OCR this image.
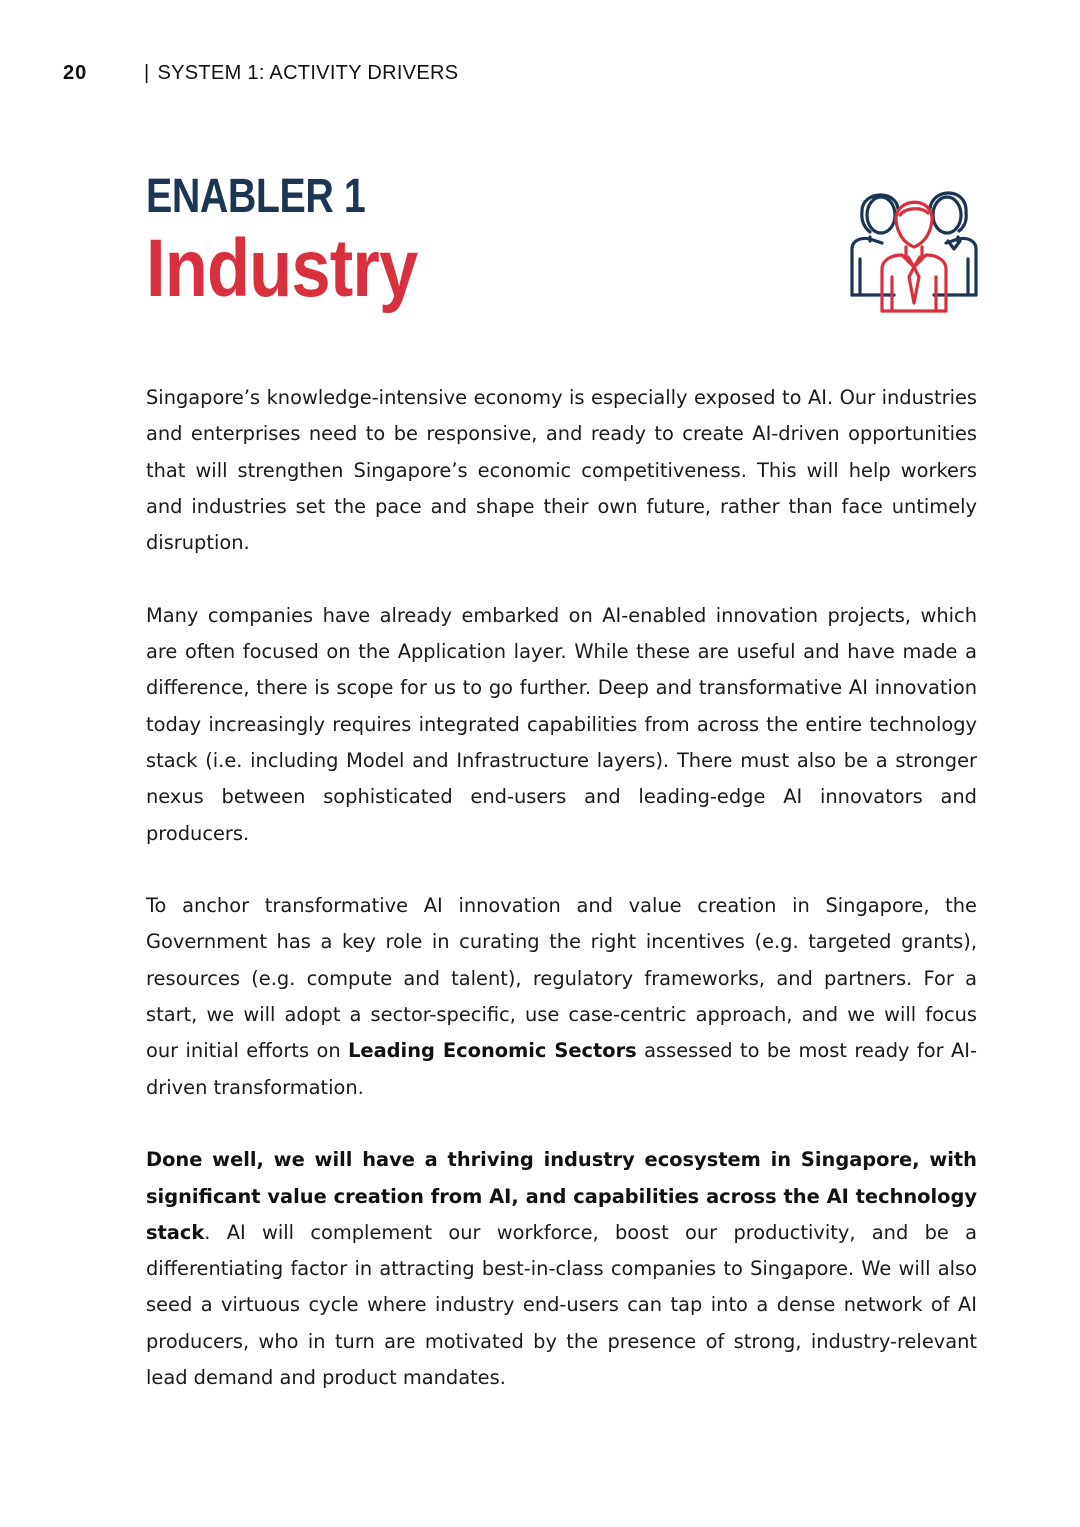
20	| SYSTEM 1: ACTIVITY DRIVERS
ENABLER 1
Industry

Singapore’s knowledge-intensive economy is especially exposed to AI. Our industries and enterprises need to be responsive, and ready to create AI-driven opportunities that will strengthen Singapore’s economic competitiveness. This will help workers and industries set the pace and shape their own future, rather than face untimely disruption.

Many companies have already embarked on AI-enabled innovation projects, which are often focused on the Application layer. While these are useful and have made a difference, there is scope for us to go further. Deep and transformative AI innovation today increasingly requires integrated capabilities from across the entire technology stack (i.e. including Model and Infrastructure layers). There must also be a stronger nexus between sophisticated end-users and leading-edge AI innovators and producers.

To anchor transformative AI innovation and value creation in Singapore, the Government has a key role in curating the right incentives (e.g. targeted grants), resources (e.g. compute and talent), regulatory frameworks, and partners. For a start, we will adopt a sector-specific, use case-centric approach, and we will focus our initial efforts on Leading Economic Sectors assessed to be most ready for AI-driven transformation.

Done well, we will have a thriving industry ecosystem in Singapore, with significant value creation from AI, and capabilities across the AI technology stack. AI will complement our workforce, boost our productivity, and be a differentiating factor in attracting best-in-class companies to Singapore. We will also seed a virtuous cycle where industry end-users can tap into a dense network of AI producers, who in turn are motivated by the presence of strong, industry-relevant lead demand and product mandates.
